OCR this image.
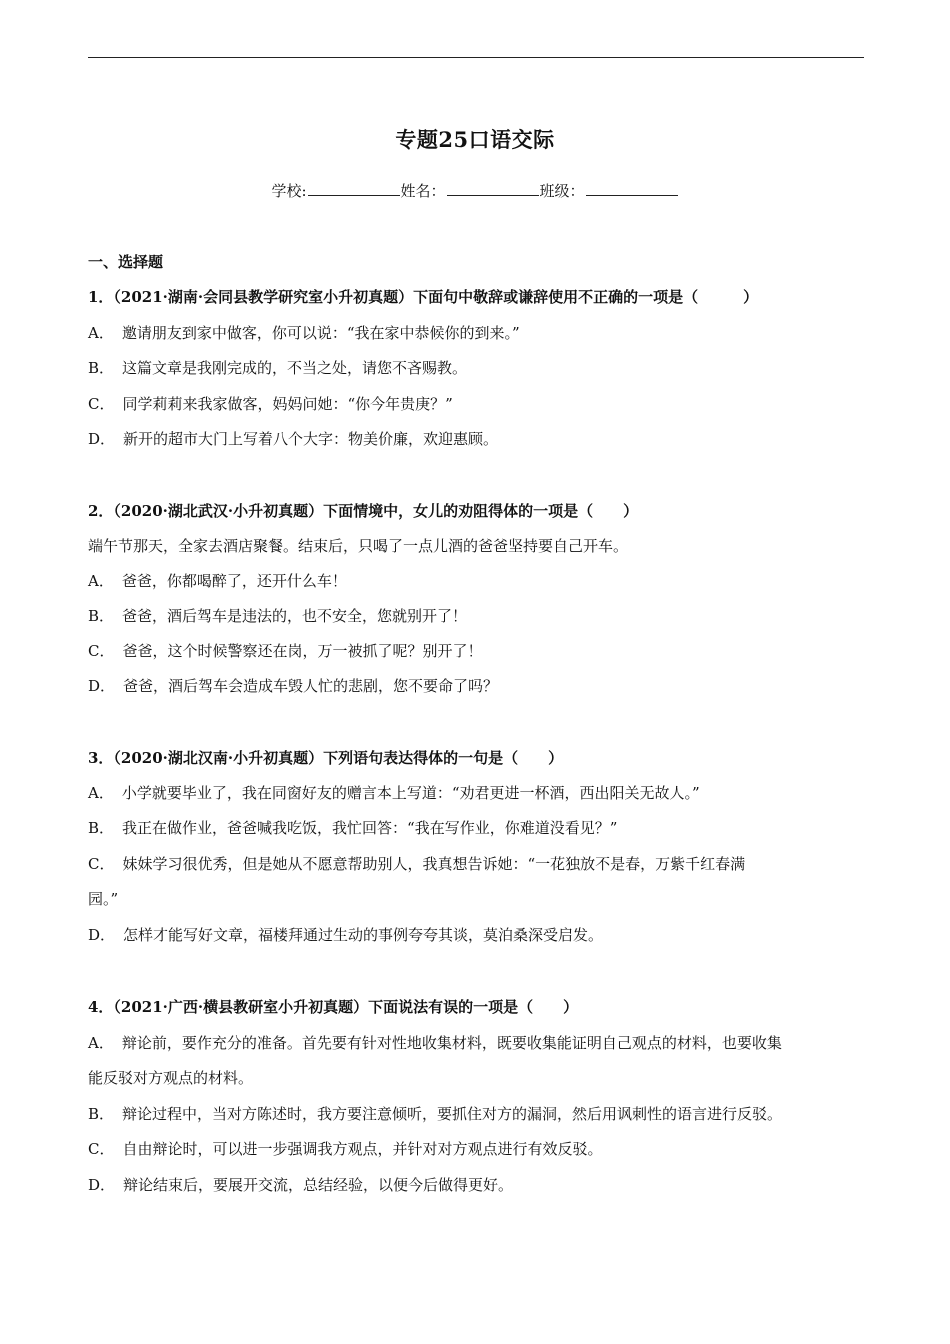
专题25口语交际
学校:	姓名：	班级：
一、选择题
1．（2021·湖南·会同县教学研究室小升初真题）下面句中敬辞或谦辞使用不正确的一项是（　　　）
A． 邀请朋友到家中做客，你可以说：“我在家中恭候你的到来。”
B． 这篇文章是我刚完成的，不当之处，请您不吝赐教。
C． 同学莉莉来我家做客，妈妈问她：“你今年贵庚？”
D． 新开的超市大门上写着八个大字：物美价廉，欢迎惠顾。
2．（2020·湖北武汉·小升初真题）下面情境中，女儿的劝阻得体的一项是（　　）
端午节那天，全家去酒店聚餐。结束后，只喝了一点儿酒的爸爸坚持要自己开车。
A． 爸爸，你都喝醉了，还开什么车！
B． 爸爸，酒后驾车是违法的，也不安全，您就别开了！
C． 爸爸，这个时候警察还在岗，万一被抓了呢？别开了！
D． 爸爸，酒后驾车会造成车毁人忙的悲剧，您不要命了吗？
3．（2020·湖北汉南·小升初真题）下列语句表达得体的一句是（　　）
A． 小学就要毕业了，我在同窗好友的赠言本上写道：“劝君更进一杯酒，西出阳关无故人。”
B． 我正在做作业，爸爸喊我吃饭，我忙回答：“我在写作业，你难道没看见？”
C． 妹妹学习很优秀，但是她从不愿意帮助别人，我真想告诉她：“一花独放不是春，万紫千红春满
园。”
D． 怎样才能写好文章，福楼拜通过生动的事例夸夸其谈，莫泊桑深受启发。
4．（2021·广西·横县教研室小升初真题）下面说法有误的一项是（　　）
A． 辩论前，要作充分的准备。首先要有针对性地收集材料，既要收集能证明自己观点的材料，也要收集
能反驳对方观点的材料。
B． 辩论过程中，当对方陈述时，我方要注意倾听，要抓住对方的漏洞，然后用讽刺性的语言进行反驳。
C． 自由辩论时，可以进一步强调我方观点，并针对对方观点进行有效反驳。
D． 辩论结束后，要展开交流，总结经验，以便今后做得更好。
